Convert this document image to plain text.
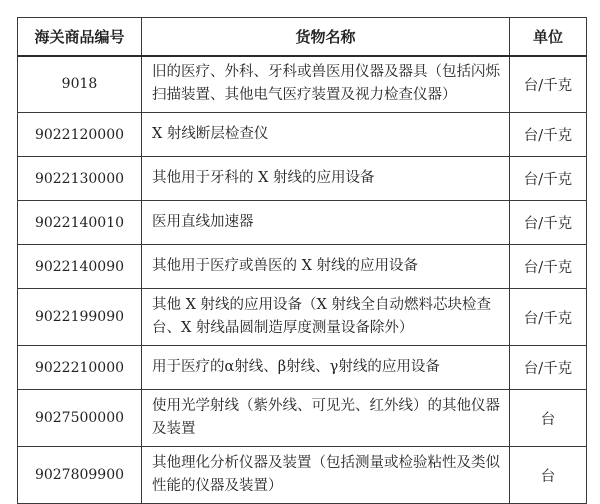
海关商品编号	货物名称	单位
9018	旧的医疗、外科、牙科或兽医用仪器及器具（包括闪烁扫描装置、其他电气医疗装置及视力检查仪器）	台/千克
9022120000	X 射线断层检查仪	台/千克
9022130000	其他用于牙科的 X 射线的应用设备	台/千克
9022140010	医用直线加速器	台/千克
9022140090	其他用于医疗或兽医的 X 射线的应用设备	台/千克
9022199090	其他 X 射线的应用设备（X 射线全自动燃料芯块检查台、X 射线晶圆制造厚度测量设备除外）	台/千克
9022210000	用于医疗的α射线、β射线、γ射线的应用设备	台/千克
9027500000	使用光学射线（紫外线、可见光、红外线）的其他仪器及装置	台
9027809900	其他理化分析仪器及装置（包括测量或检验粘性及类似性能的仪器及装置）	台
